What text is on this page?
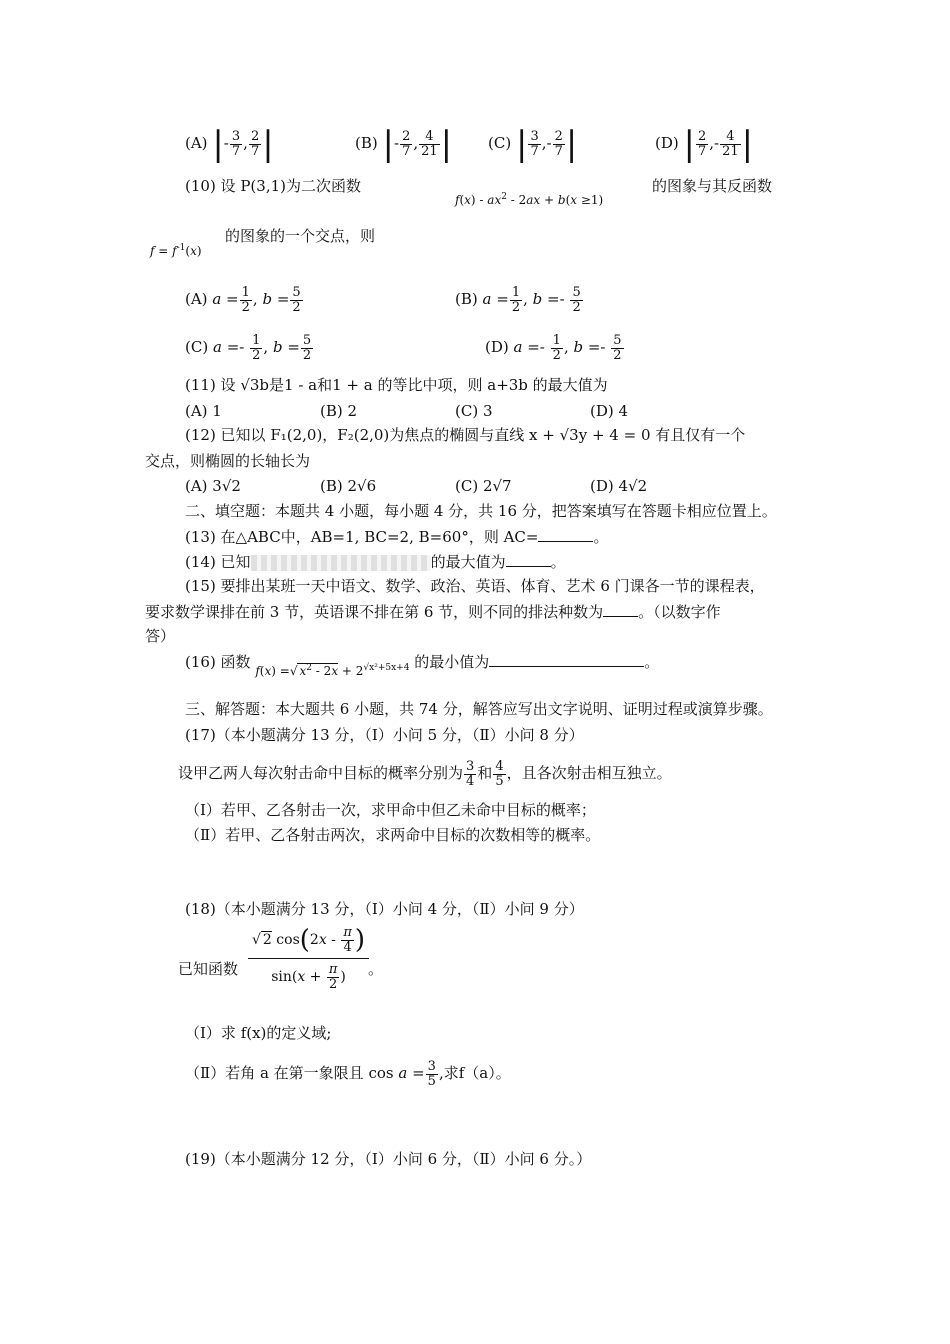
(A) |- $\frac{3}{7}$ , $\frac{2}{7}$ |	(B) |- $\frac{2}{7}$ , $\frac{4}{21}$ | (C) | $\frac{3}{7}$ ,- $\frac{2}{7}$ |	(D) | $\frac{2}{7}$ ,- $\frac{4}{21}$ |
(10) 设 P(3,1)为二次函数
$f(x) - ax^2 - 2ax + b(x \ge 1)$
的图象与其反函数
$f = f^{-1}(x)$
的图象的一个交点，则
(A) $a = \frac{1}{2}$ , $b = \frac{5}{2}$	(B) $a = \frac{1}{2}$ , $b =- \frac{5}{2}$
(C) $a =- \frac{1}{2}$ , $b = \frac{5}{2}$	(D) $a =- \frac{1}{2}$ , $b =- \frac{5}{2}$
(11) 设 √3b是1 - a和1 + a 的等比中项，则 a+3b 的最大值为
(A) 1	(B) 2	(C) 3	(D) 4
(12) 已知以 F₁(2,0)，F₂(2,0)为焦点的椭圆与直线 x + √3y + 4 = 0 有且仅有一个
交点，则椭圆的长轴长为
(A) 3√2	(B) 2√6	(C) 2√7	(D) 4√2
二、填空题：本题共 4 小题，每小题 4 分，共 16 分，把答案填写在答题卡相应位置上。
(13) 在△ABC中，AB=1, BC=2, B=60°，则 AC=	。
(14) 已知	的最大值为	。
(15) 要排出某班一天中语文、数学、政治、英语、体育、艺术 6 门课各一节的课程表，
要求数学课排在前 3 节，英语课不排在第 6 节，则不同的排法种数为 。（以数字作
答）
(16) 函数 f(x) =√ $x^2 - 2x + 2^{√x^2+5x+4}$ 的最小值为	。
三、解答题：本大题共 6 小题，共 74 分，解答应写出文字说明、证明过程或演算步骤。
(17)（本小题满分 13 分，（Ⅰ）小问 5 分，（Ⅱ）小问 8 分）
设甲乙两人每次射击命中目标的概率分别为 $\frac{3}{4}$ 和 $\frac{4}{5}$ ，且各次射击相互独立。
（Ⅰ）若甲、乙各射击一次，求甲命中但乙未命中目标的概率；
（Ⅱ）若甲、乙各射击两次，求两命中目标的次数相等的概率。
(18)（本小题满分 13 分，（Ⅰ）小问 4 分，（Ⅱ）小问 9 分）
已知函数
√ 2 $\cos(2x - \frac{\pi}{4}$ )
$\sin(x + \frac{\pi}{2}$ )	。
（Ⅰ）求 f(x)的定义域;
（Ⅱ）若角 a 在第一象限且 $\cos a = \frac{3}{5}$ ,求f（a）。
(19)（本小题满分 12 分，（Ⅰ）小问 6 分，（Ⅱ）小问 6 分。）
